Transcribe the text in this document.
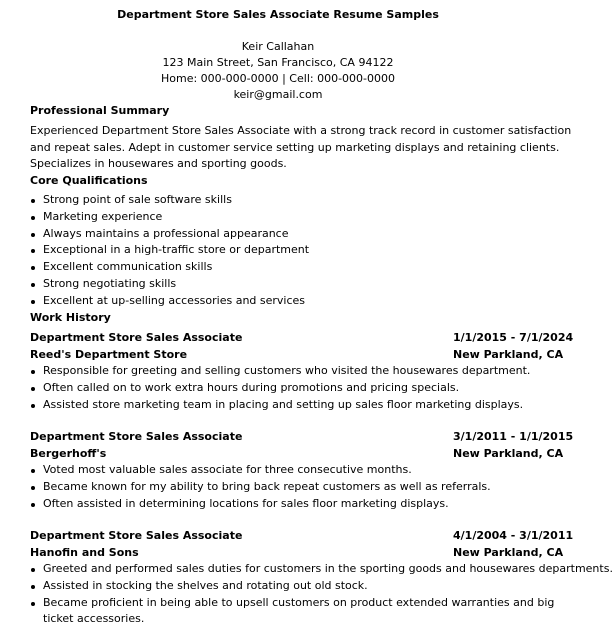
Department Store Sales Associate Resume Samples
Keir Callahan
123 Main Street, San Francisco, CA 94122
Home: 000-000-0000 | Cell: 000-000-0000
keir@gmail.com
Professional Summary
Experienced Department Store Sales Associate with a strong track record in customer satisfaction and repeat sales. Adept in customer service setting up marketing displays and retaining clients. Specializes in housewares and sporting goods.
Core Qualifications
Strong point of sale software skills
Marketing experience
Always maintains a professional appearance
Exceptional in a high-traffic store or department
Excellent communication skills
Strong negotiating skills
Excellent at up-selling accessories and services
Work History
Department Store Sales Associate	1/1/2015 - 7/1/2024
Reed's Department Store	New Parkland, CA
Responsible for greeting and selling customers who visited the housewares department.
Often called on to work extra hours during promotions and pricing specials.
Assisted store marketing team in placing and setting up sales floor marketing displays.
Department Store Sales Associate	3/1/2011 - 1/1/2015
Bergerhoff's	New Parkland, CA
Voted most valuable sales associate for three consecutive months.
Became known for my ability to bring back repeat customers as well as referrals.
Often assisted in determining locations for sales floor marketing displays.
Department Store Sales Associate	4/1/2004 - 3/1/2011
Hanofin and Sons	New Parkland, CA
Greeted and performed sales duties for customers in the sporting goods and housewares departments.
Assisted in stocking the shelves and rotating out old stock.
Became proficient in being able to upsell customers on product extended warranties and big ticket accessories.
